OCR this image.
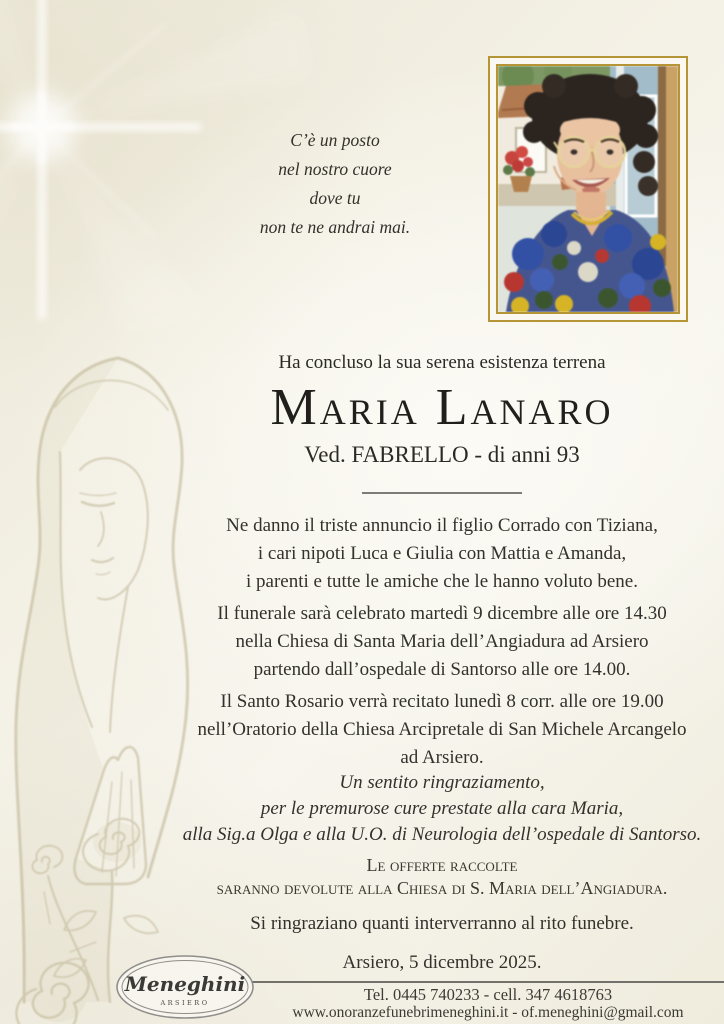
C’è un posto
nel nostro cuore
dove tu
non te ne andrai mai.
Ha concluso la sua serena esistenza terrena
Maria Lanaro
Ved. FABRELLO - di anni 93
Ne danno il triste annuncio il figlio Corrado con Tiziana,
i cari nipoti Luca e Giulia con Mattia e Amanda,
i parenti e tutte le amiche che le hanno voluto bene.
Il funerale sarà celebrato martedì 9 dicembre alle ore 14.30
nella Chiesa di Santa Maria dell’Angiadura ad Arsiero
partendo dall’ospedale di Santorso alle ore 14.00.
Il Santo Rosario verrà recitato lunedì 8 corr. alle ore 19.00
nell’Oratorio della Chiesa Arcipretale di San Michele Arcangelo
ad Arsiero.
Un sentito ringraziamento,
per le premurose cure prestate alla cara Maria,
alla Sig.a Olga e alla U.O. di Neurologia dell’ospedale di Santorso.
Le offerte raccolte
saranno devolute alla Chiesa di S. Maria dell’Angiadura.
Si ringraziano quanti interverranno al rito funebre.
Arsiero, 5 dicembre 2025.
Meneghini
ARSIERO	Tel. 0445 740233 - cell. 347 4618763
www.onoranzefunebrimeneghini.it - of.meneghini@gmail.com
